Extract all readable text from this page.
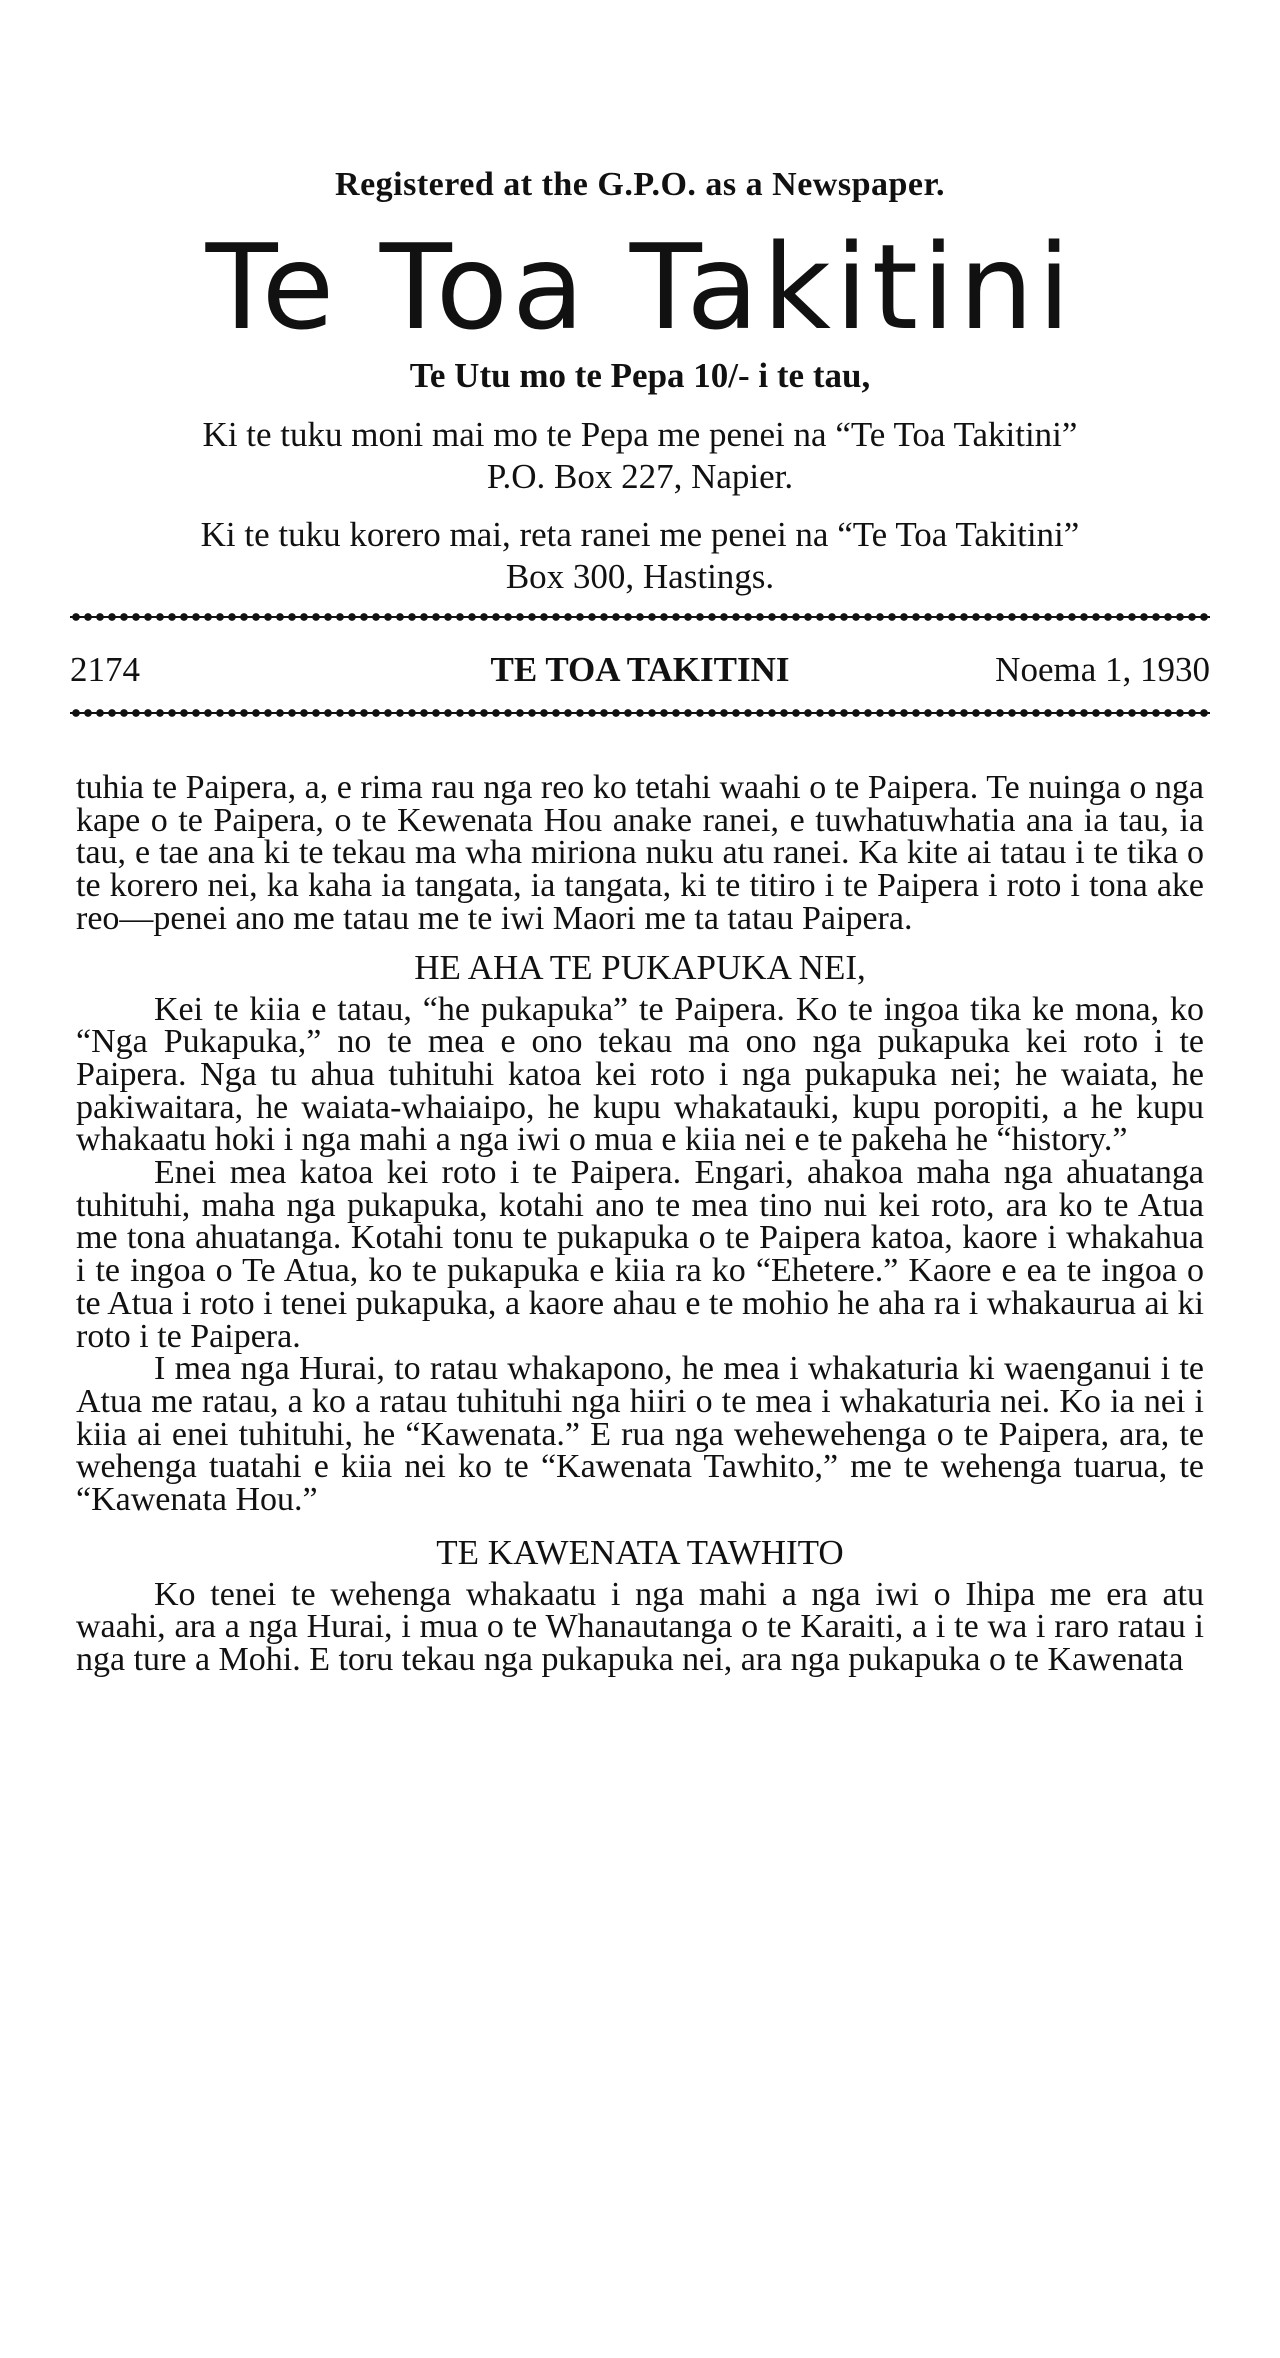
Registered at the G.P.O. as a Newspaper.
Te Toa Takitini
Te Utu mo te Pepa 10/- i te tau,
Ki te tuku moni mai mo te Pepa me penei na “Te Toa Takitini”
P.O. Box 227, Napier.
Ki te tuku korero mai, reta ranei me penei na “Te Toa Takitini”
Box 300, Hastings.
2174	TE TOA TAKITINI	Noema 1, 1930

tuhia te Paipera, a, e rima rau nga reo ko tetahi waahi o te Paipera. Te nuinga o nga kape o te Paipera, o te Kewenata Hou anake ranei, e tuwhatuwhatia ana ia tau, ia tau, e tae ana ki te tekau ma wha miriona nuku atu ranei. Ka kite ai tatau i te tika o te korero nei, ka kaha ia tangata, ia tangata, ki te titiro i te Paipera i roto i tona ake reo—penei ano me tatau me te iwi Maori me ta tatau Paipera.

HE AHA TE PUKAPUKA NEI,

Kei te kiia e tatau, “he pukapuka” te Paipera. Ko te ingoa tika ke mona, ko “Nga Pukapuka,” no te mea e ono tekau ma ono nga pukapuka kei roto i te Paipera. Nga tu ahua tuhituhi katoa kei roto i nga pukapuka nei; he waiata, he pakiwaitara, he waiata-whaiaipo, he kupu whakatauki, kupu poropiti, a he kupu whakaatu hoki i nga mahi a nga iwi o mua e kiia nei e te pakeha he “history.”

Enei mea katoa kei roto i te Paipera. Engari, ahakoa maha nga ahuatanga tuhituhi, maha nga pukapuka, kotahi ano te mea tino nui kei roto, ara ko te Atua me tona ahuatanga. Kotahi tonu te pukapuka o te Paipera katoa, kaore i whakahua i te ingoa o Te Atua, ko te pukapuka e kiia ra ko “Ehetere.” Kaore e ea te ingoa o te Atua i roto i tenei pukapuka, a kaore ahau e te mohio he aha ra i whakaurua ai ki roto i te Paipera.

I mea nga Hurai, to ratau whakapono, he mea i whakaturia ki waenganui i te Atua me ratau, a ko a ratau tuhituhi nga hiiri o te mea i whakaturia nei. Ko ia nei i kiia ai enei tuhituhi, he “Kawenata.” E rua nga wehewehenga o te Paipera, ara, te wehenga tuatahi e kiia nei ko te “Kawenata Tawhito,” me te wehenga tuarua, te “Kawenata Hou.”

TE KAWENATA TAWHITO

Ko tenei te wehenga whakaatu i nga mahi a nga iwi o Ihipa me era atu waahi, ara a nga Hurai, i mua o te Whanautanga o te Karaiti, a i te wa i raro ratau i nga ture a Mohi. E toru tekau nga pukapuka nei, ara nga pukapuka o te Kawenata
